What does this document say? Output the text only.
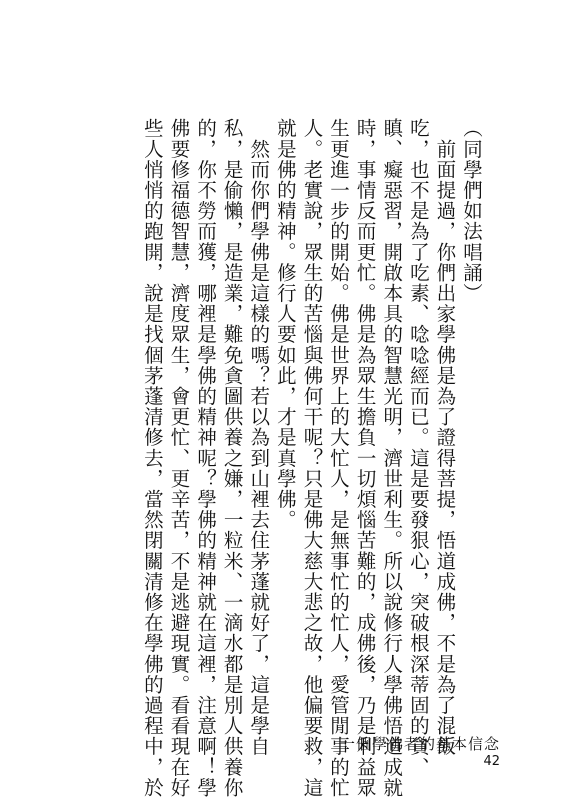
（同學們如法唱誦）
　前面提過，你們出家學佛是為了證得菩提，悟道成佛，不是為了混飯
吃，也不是為了吃素、唸唸經而已。這是要發狠心，突破根深蒂固的貪、
瞋、癡惡習，開啟本具的智慧光明，濟世利生。所以說修行人學佛悟道成就
時，事情反而更忙。佛是為眾生擔負一切煩惱苦難的，成佛後，乃是利益眾
生更進一步的開始。佛是世界上的大忙人，是無事忙的忙人，愛管閒事的忙
人。老實說，眾生的苦惱與佛何干呢？只是佛大慈大悲之故，他偏要救，這
就是佛的精神。修行人要如此，才是真學佛。
　然而你們學佛是這樣的嗎？若以為到山裡去住茅蓬就好了，這是學自
私，是偷懶，是造業，難免貪圖供養之嫌，一粒米、一滴水都是別人供養你
的，你不勞而獲，哪裡是學佛的精神呢？學佛的精神就在這裡，注意啊！學
佛要修福德智慧，濟度眾生，會更忙、更辛苦，不是逃避現實。看看現在好
些人悄悄的跑開，說是找個茅蓬清修去，當然閉關清修在學佛的過程中，於	一個學佛者的基本信念
42
